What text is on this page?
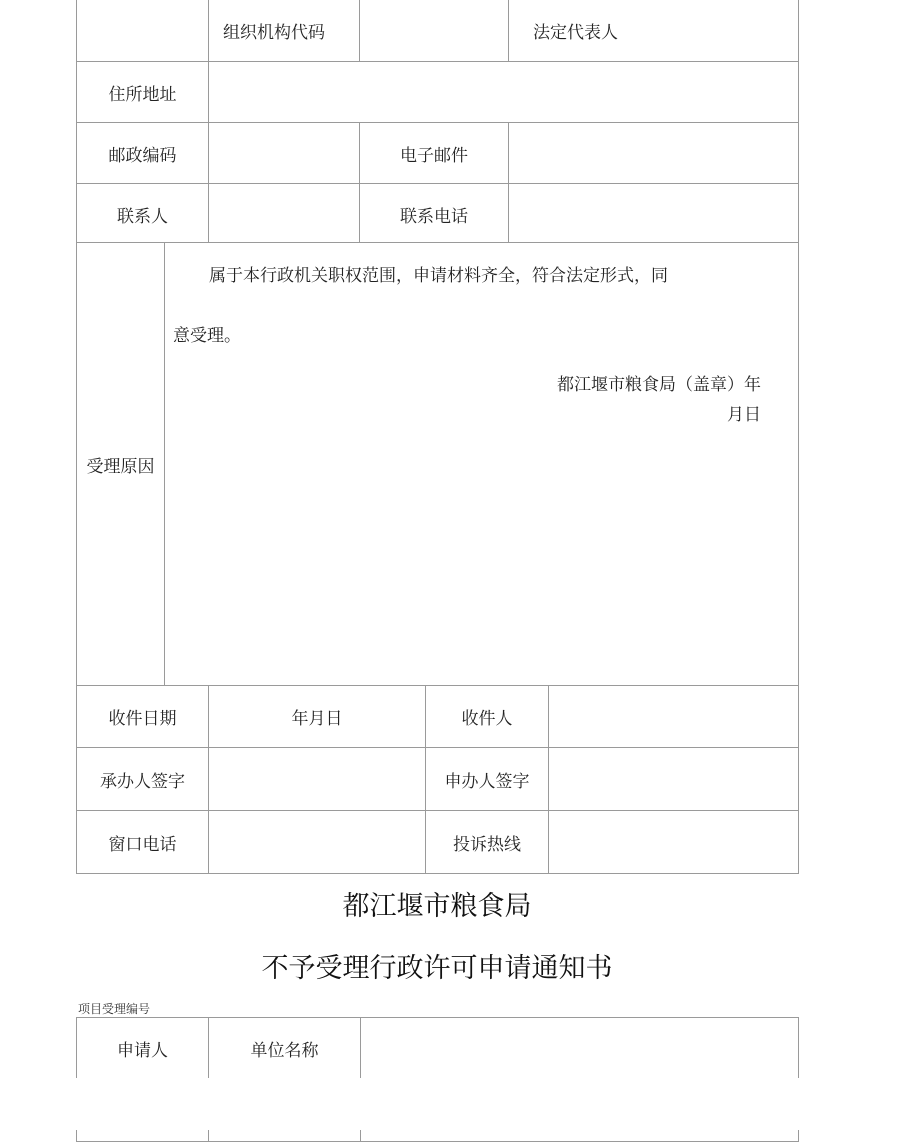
	组织机构代码		法定代表人
住所地址			
邮政编码		电子邮件	
联系人		联系电话	
受理原因	
属于本行政机关职权范围，申请材料齐全，符合法定形式，同
意受理。
都江堰市粮食局（盖章）年
月日
收件日期	年月日	收件人	
承办人签字		申办人签字	
窗口电话		投诉热线	
都江堰市粮食局
不予受理行政许可申请通知书
项目受理编号
申请人	单位名称	
